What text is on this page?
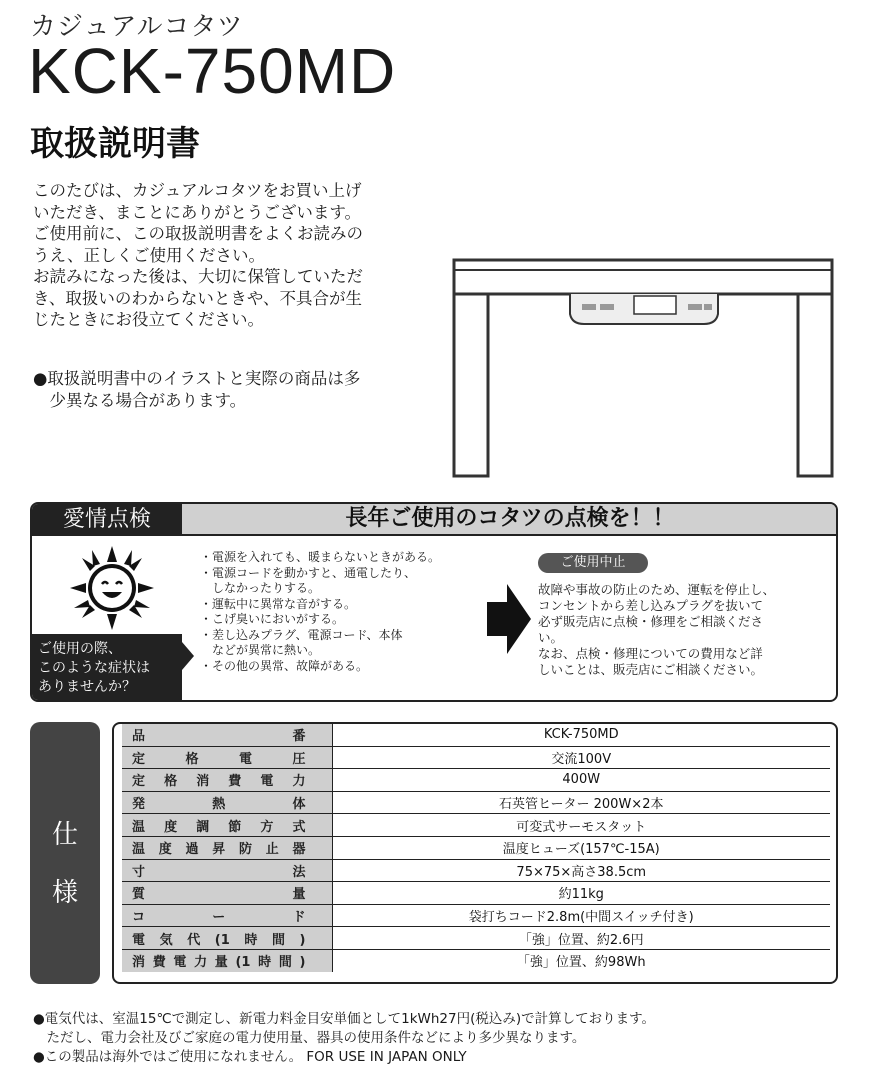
カジュアルコタツ
KCK-750MD
取扱説明書

このたびは、カジュアルコタツをお買い上げ

いただき、まことにありがとうございます。

ご使用前に、この取扱説明書をよくお読みの

うえ、正しくご使用ください。

お読みになった後は、大切に保管していただ

き、取扱いのわからないときや、不具合が生

じたときにお役立てください。

●取扱説明書中のイラストと実際の商品は多

　少異なる場合があります。

愛情点検	長年ご使用のコタツの点検を！！

ご使用の際、

このような症状は

ありませんか？

・電源を入れても、暖まらないときがある。

・電源コードを動かすと、通電したり、

　しなかったりする。

・運転中に異常な音がする。

・こげ臭いにおいがする。

・差し込みプラグ、電源コード、本体

　などが異常に熱い。

・その他の異常、故障がある。

ご使用中止

故障や事故の防止のため、運転を停止し、

コンセントから差し込みプラグを抜いて

必ず販売店に点検・修理をご相談くださ

い。

なお、点検・修理についての費用など詳

しいことは、販売店にご相談ください。

仕
様
品番	KCK-750MD
定格電圧	交流100V
定格消費電力	400W
発熱体	石英管ヒーター 200W×2本
温度調節方式	可変式サーモスタット
温度過昇防止器	温度ヒューズ(157℃-15A)
寸法	75×75×高さ38.5cm
質量	約11kg
コード	袋打ちコード2.8m(中間スイッチ付き)
電気代(1時間)	「強」位置、約2.6円
消費電力量(1時間)	「強」位置、約98Wh

●電気代は、室温15℃で測定し、新電力料金目安単価として1kWh27円(税込み)で計算しております。

　ただし、電力会社及びご家庭の電力使用量、器具の使用条件などにより多少異なります。

●この製品は海外ではご使用になれません。 FOR USE IN JAPAN ONLY
